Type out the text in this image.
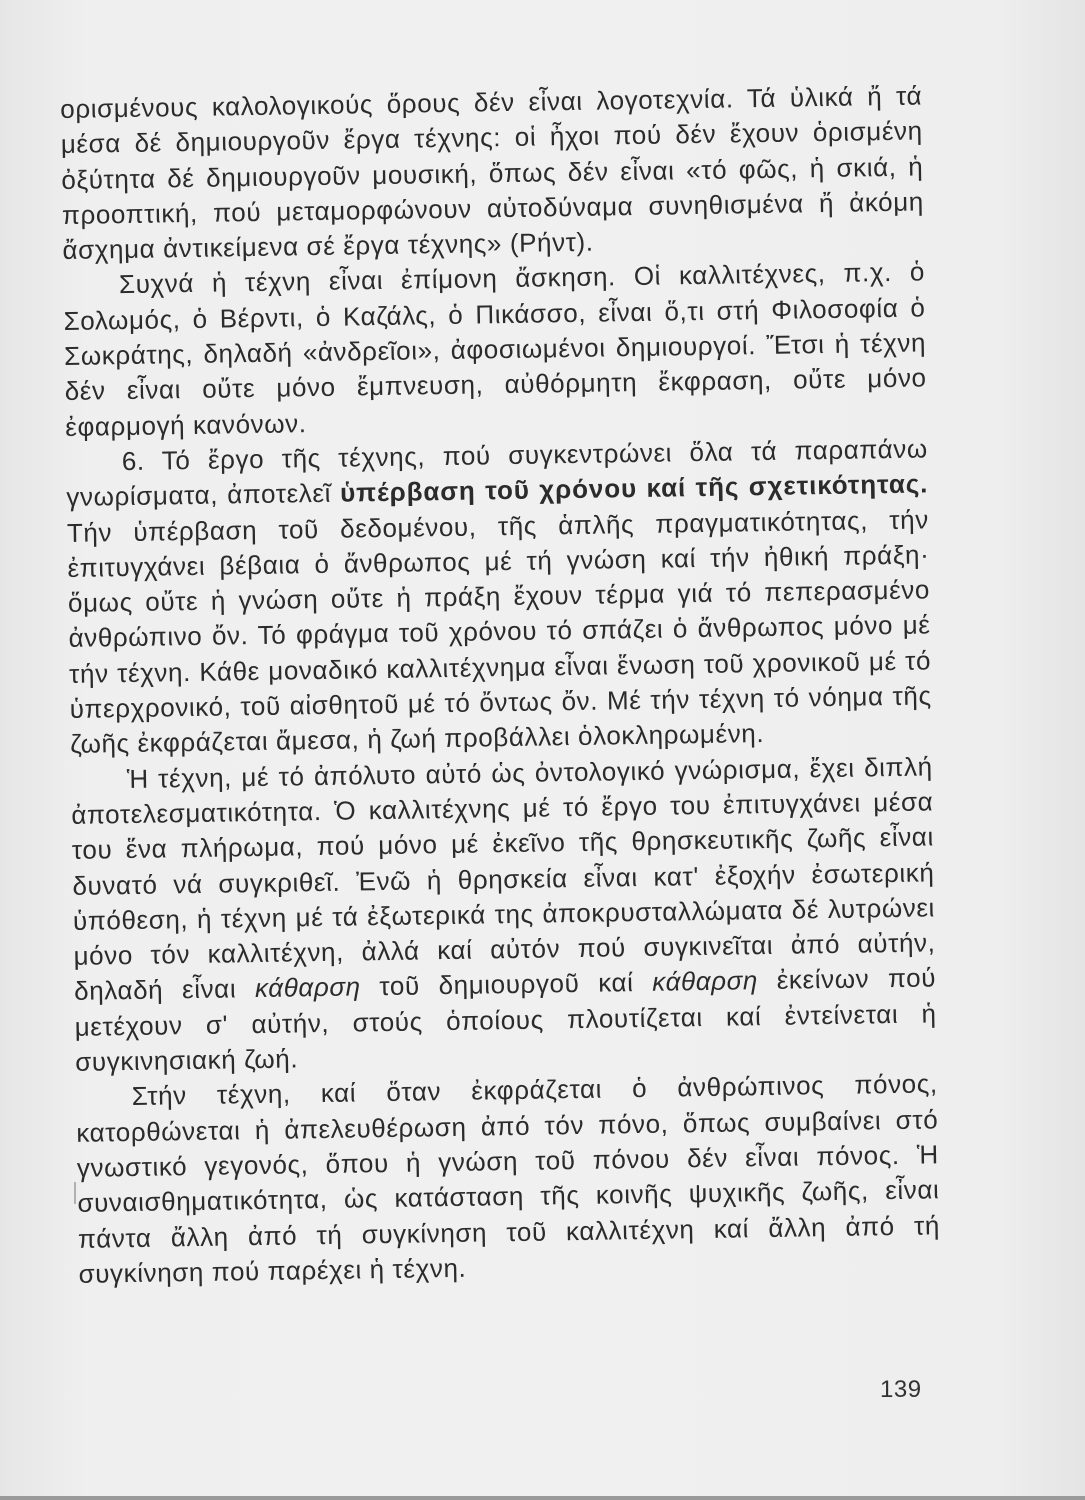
ορισμένους καλολογικούς ὅρους δέν εἶναι λογοτεχνία. Τά ὑλικά ἤ τά μέσα δέ δημιουργοῦν ἔργα τέχνης: οἱ ἦχοι πού δέν ἔχουν ὁρισμένη ὀξύτητα δέ δημιουργοῦν μουσική, ὅπως δέν εἶναι «τό φῶς, ἡ σκιά, ἡ προοπτική, πού μεταμορφώνουν αὐτοδύναμα συνηθισμένα ἤ ἀκόμη ἄσχημα ἀντικείμενα σέ ἔργα τέχνης» (Ρήντ).

Συχνά ἡ τέχνη εἶναι ἐπίμονη ἄσκηση. Οἱ καλλιτέχνες, π.χ. ὁ Σολωμός, ὁ Βέρντι, ὁ Καζάλς, ὁ Πικάσσο, εἶναι ὅ,τι στή Φιλοσοφία ὁ Σωκράτης, δηλαδή «ἀνδρεῖοι», ἀφοσιωμένοι δημιουργοί. Ἔτσι ἡ τέχνη δέν εἶναι οὔτε μόνο ἔμπνευση, αὐθόρμητη ἔκφραση, οὔτε μόνο ἐφαρμογή κανόνων.

6. Τό ἔργο τῆς τέχνης, πού συγκεντρώνει ὅλα τά παραπάνω γνωρίσματα, ἀποτελεῖ ὑπέρβαση τοῦ χρόνου καί τῆς σχετικότητας. Τήν ὑπέρβαση τοῦ δεδομένου, τῆς ἁπλῆς πραγματικότητας, τήν ἐπιτυγχάνει βέβαια ὁ ἄνθρωπος μέ τή γνώση καί τήν ἠθική πράξη· ὅμως οὔτε ἡ γνώση οὔτε ἡ πράξη ἔχουν τέρμα γιά τό πεπερασμένο ἀνθρώπινο ὄν. Τό φράγμα τοῦ χρόνου τό σπάζει ὁ ἄνθρωπος μόνο μέ τήν τέχνη. Κάθε μοναδικό καλλιτέχνημα εἶναι ἕνωση τοῦ χρονικοῦ μέ τό ὑπερχρονικό, τοῦ αἰσθητοῦ μέ τό ὄντως ὄν. Μέ τήν τέχνη τό νόημα τῆς ζωῆς ἐκφράζεται ἄμεσα, ἡ ζωή προβάλλει ὁλοκληρωμένη.

Ἡ τέχνη, μέ τό ἀπόλυτο αὐτό ὡς ὀντολογικό γνώρισμα, ἔχει διπλή ἀποτελεσματικότητα. Ὁ καλλιτέχνης μέ τό ἔργο του ἐπιτυγχάνει μέσα του ἕνα πλήρωμα, πού μόνο μέ ἐκεῖνο τῆς θρησκευτικῆς ζωῆς εἶναι δυνατό νά συγκριθεῖ. Ἐνῶ ἡ θρησκεία εἶναι κατ' ἐξοχήν ἐσωτερική ὑπόθεση, ἡ τέχνη μέ τά ἐξωτερικά της ἀποκρυσταλλώματα δέ λυτρώνει μόνο τόν καλλιτέχνη, ἀλλά καί αὐτόν πού συγκινεῖται ἀπό αὐτήν, δηλαδή εἶναι κάθαρση τοῦ δημιουργοῦ καί κάθαρση ἐκείνων πού μετέχουν σ' αὐτήν, στούς ὁποίους πλουτίζεται καί ἐντείνεται ἡ συγκινησιακή ζωή.

Στήν τέχνη, καί ὅταν ἐκφράζεται ὁ ἀνθρώπινος πόνος, κατορθώνεται ἡ ἀπελευθέρωση ἀπό τόν πόνο, ὅπως συμβαίνει στό γνωστικό γεγονός, ὅπου ἡ γνώση τοῦ πόνου δέν εἶναι πόνος. Ἡ συναισθηματικότητα, ὡς κατάσταση τῆς κοινῆς ψυχικῆς ζωῆς, εἶναι πάντα ἄλλη ἀπό τή συγκίνηση τοῦ καλλιτέχνη καί ἄλλη ἀπό τή συγκίνηση πού παρέχει ἡ τέχνη.

139
